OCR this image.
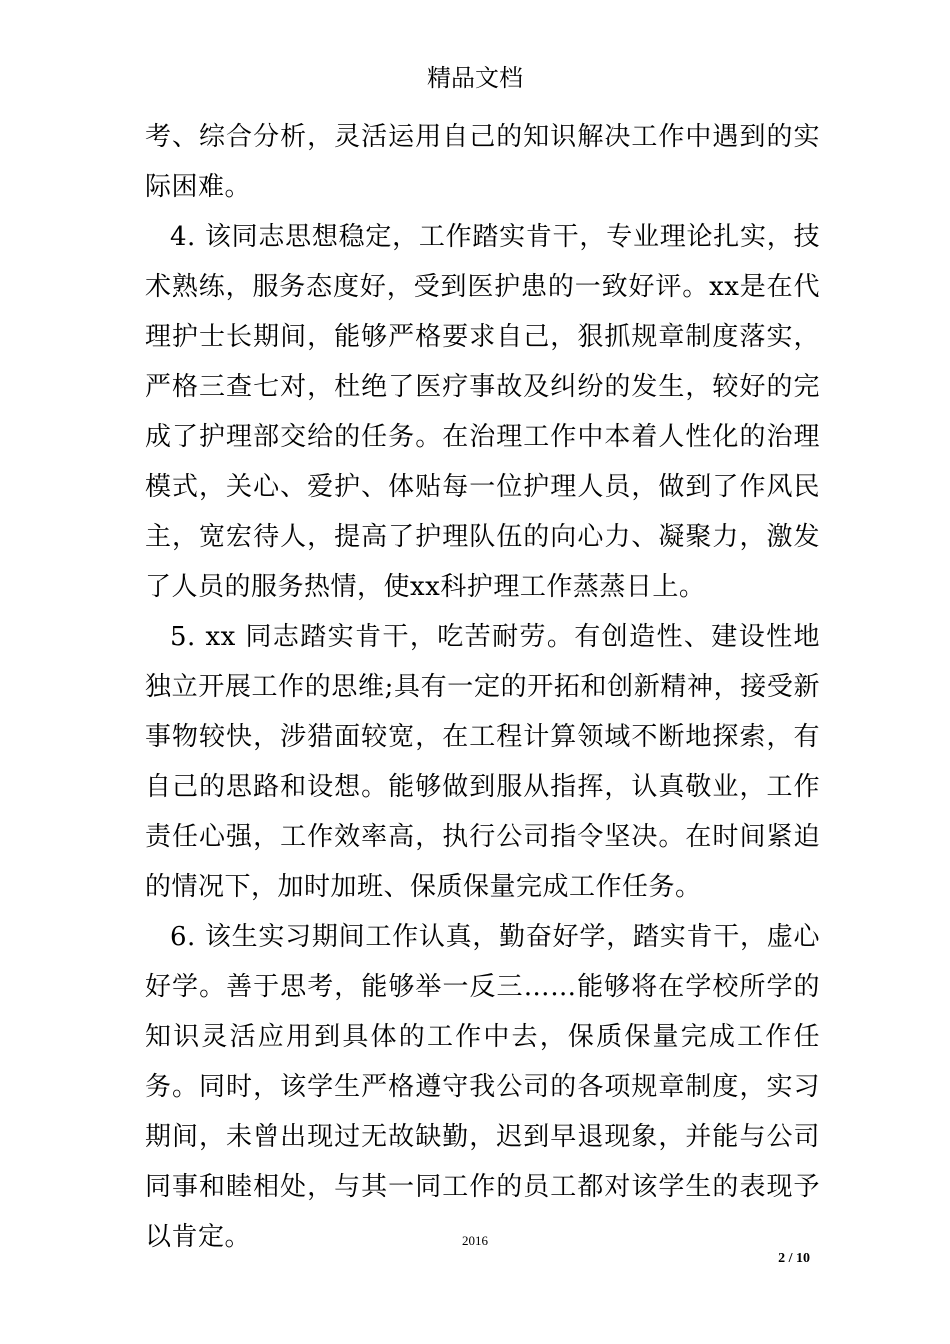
精品文档

考、综合分析，灵活运用自己的知识解决工作中遇到的实际困难。

4. 该同志思想稳定，工作踏实肯干，专业理论扎实，技术熟练，服务态度好，受到医护患的一致好评。xx是在代理护士长期间，能够严格要求自己，狠抓规章制度落实，严格三查七对，杜绝了医疗事故及纠纷的发生，较好的完成了护理部交给的任务。在治理工作中本着人性化的治理模式，关心、爱护、体贴每一位护理人员，做到了作风民主，宽宏待人，提高了护理队伍的向心力、凝聚力，激发了人员的服务热情，使xx科护理工作蒸蒸日上。

5. xx 同志踏实肯干，吃苦耐劳。有创造性、建设性地独立开展工作的思维;具有一定的开拓和创新精神，接受新事物较快，涉猎面较宽，在工程计算领域不断地探索，有自己的思路和设想。能够做到服从指挥，认真敬业，工作责任心强，工作效率高，执行公司指令坚决。在时间紧迫的情况下，加时加班、保质保量完成工作任务。

6. 该生实习期间工作认真，勤奋好学，踏实肯干，虚心好学。善于思考，能够举一反三……能够将在学校所学的知识灵活应用到具体的工作中去，保质保量完成工作任务。同时，该学生严格遵守我公司的各项规章制度，实习期间，未曾出现过无故缺勤，迟到早退现象，并能与公司同事和睦相处，与其一同工作的员工都对该学生的表现予以肯定。	2016
2 / 10
